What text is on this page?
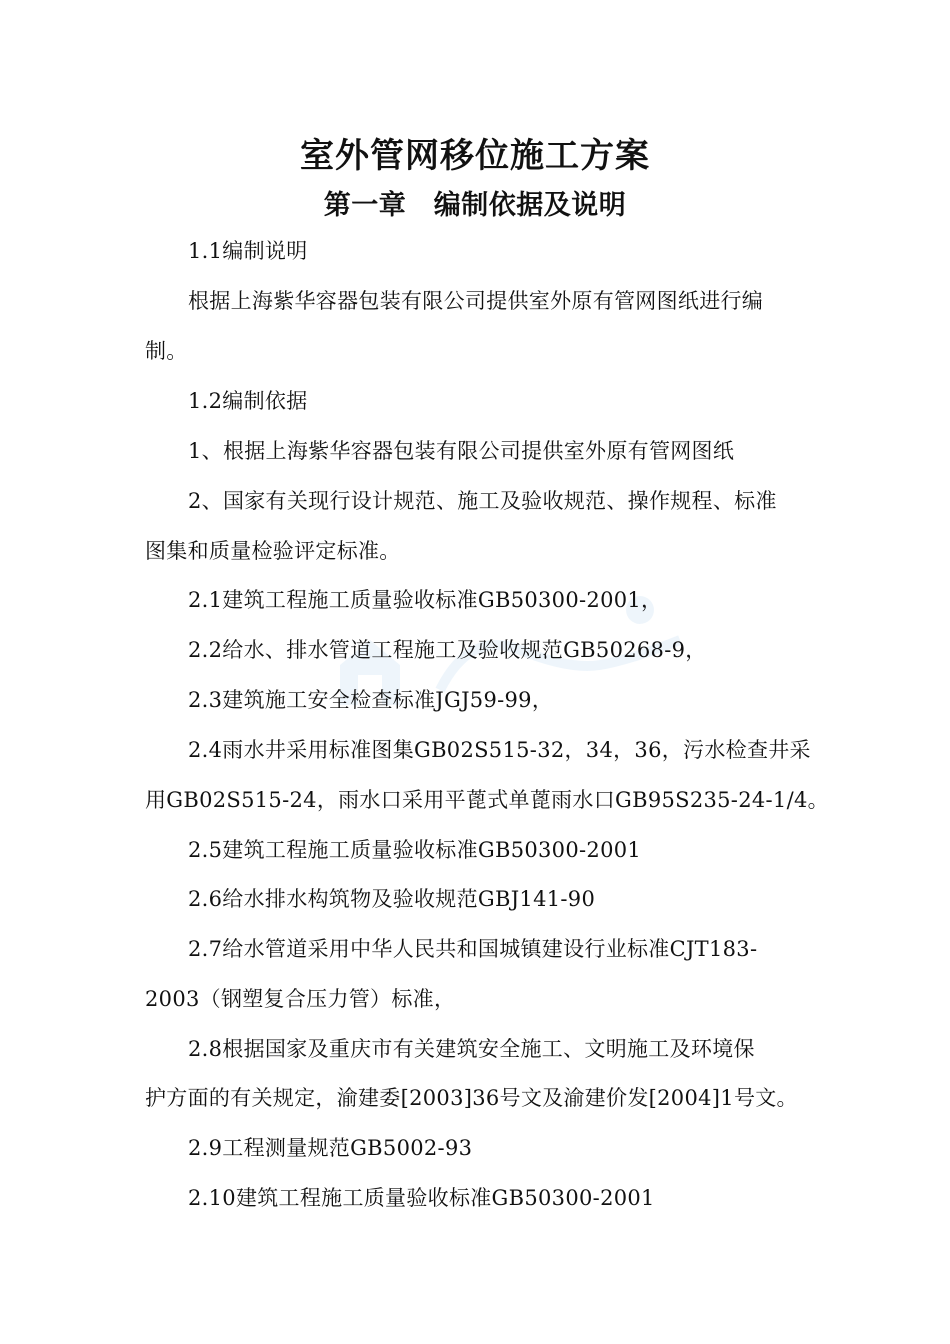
室外管网移位施工方案
第一章　编制依据及说明
1.1编制说明
根据上海紫华容器包装有限公司提供室外原有管网图纸进行编
制。
1.2编制依据
1、根据上海紫华容器包装有限公司提供室外原有管网图纸
2、国家有关现行设计规范、施工及验收规范、操作规程、标准
图集和质量检验评定标准。
2.1建筑工程施工质量验收标准GB50300-2001，
2.2给水、排水管道工程施工及验收规范GB50268-9，
2.3建筑施工安全检查标准JGJ59-99，
2.4雨水井采用标准图集GB02S515-32，34，36，污水检查井采
用GB02S515-24，雨水口采用平蓖式单蓖雨水口GB95S235-24-1/4。
2.5建筑工程施工质量验收标准GB50300-2001
2.6给水排水构筑物及验收规范GBJ141-90
2.7给水管道采用中华人民共和国城镇建设行业标准CJT183-
2003（钢塑复合压力管）标准，
2.8根据国家及重庆市有关建筑安全施工、文明施工及环境保
护方面的有关规定，渝建委[2003]36号文及渝建价发[2004]1号文。
2.9工程测量规范GB5002-93
2.10建筑工程施工质量验收标准GB50300-2001
